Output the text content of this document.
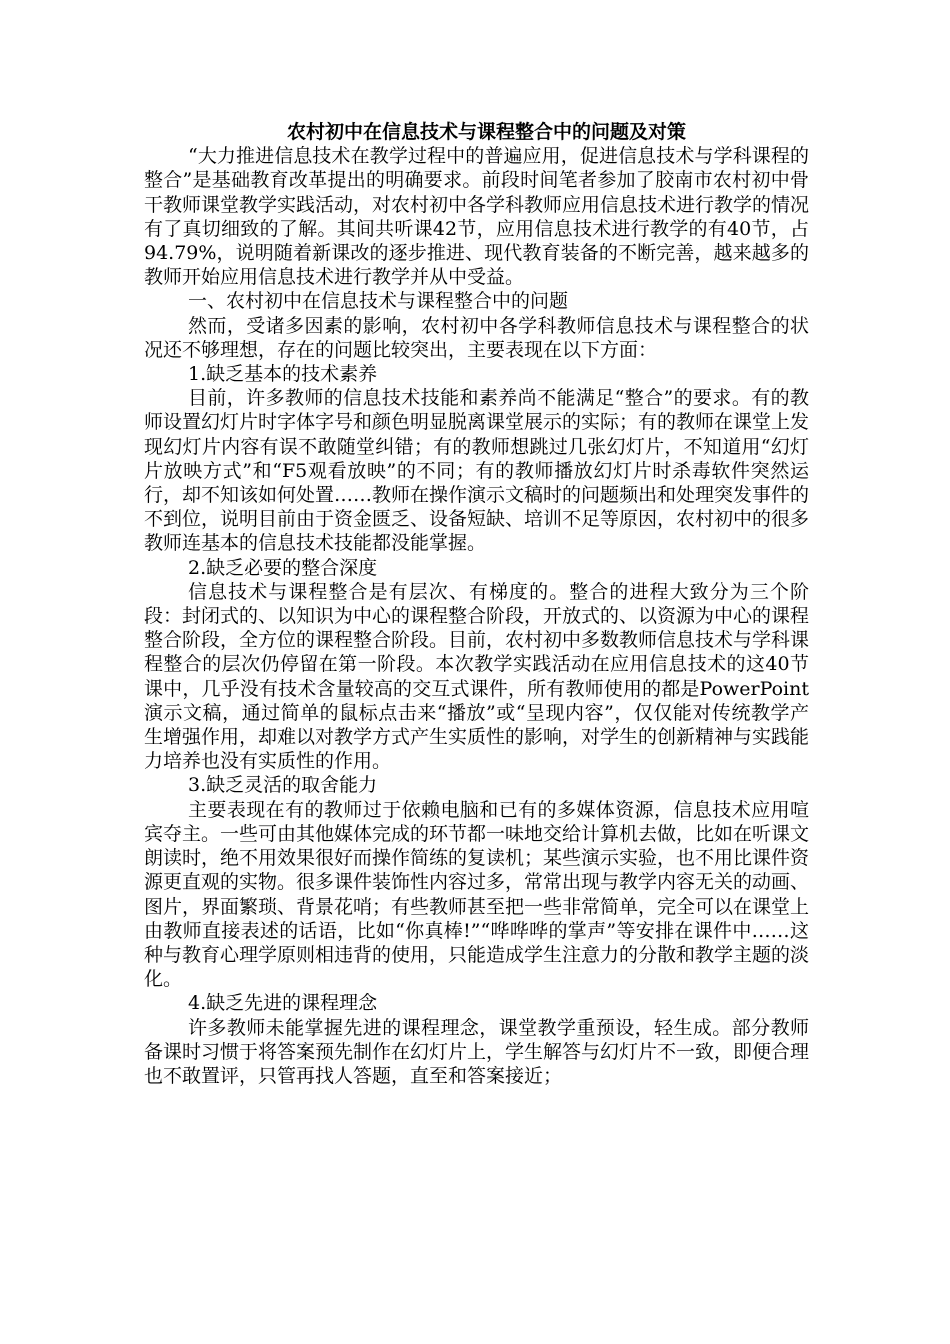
农村初中在信息技术与课程整合中的问题及对策

“大力推进信息技术在教学过程中的普遍应用，促进信息技术与学科课程的整合”是基础教育改革提出的明确要求。前段时间笔者参加了胶南市农村初中骨干教师课堂教学实践活动，对农村初中各学科教师应用信息技术进行教学的情况有了真切细致的了解。其间共听课42节，应用信息技术进行教学的有40节，占94.79%，说明随着新课改的逐步推进、现代教育装备的不断完善，越来越多的教师开始应用信息技术进行教学并从中受益。

一、农村初中在信息技术与课程整合中的问题

然而，受诸多因素的影响，农村初中各学科教师信息技术与课程整合的状况还不够理想，存在的问题比较突出，主要表现在以下方面：

1.缺乏基本的技术素养

目前，许多教师的信息技术技能和素养尚不能满足“整合”的要求。有的教师设置幻灯片时字体字号和颜色明显脱离课堂展示的实际；有的教师在课堂上发现幻灯片内容有误不敢随堂纠错；有的教师想跳过几张幻灯片，不知道用“幻灯片放映方式”和“F5观看放映”的不同；有的教师播放幻灯片时杀毒软件突然运行，却不知该如何处置……教师在操作演示文稿时的问题频出和处理突发事件的不到位，说明目前由于资金匮乏、设备短缺、培训不足等原因，农村初中的很多教师连基本的信息技术技能都没能掌握。

2.缺乏必要的整合深度

信息技术与课程整合是有层次、有梯度的。整合的进程大致分为三个阶段：封闭式的、以知识为中心的课程整合阶段，开放式的、以资源为中心的课程整合阶段，全方位的课程整合阶段。目前，农村初中多数教师信息技术与学科课程整合的层次仍停留在第一阶段。本次教学实践活动在应用信息技术的这40节课中，几乎没有技术含量较高的交互式课件，所有教师使用的都是PowerPoint演示文稿，通过简单的鼠标点击来“播放”或“呈现内容”，仅仅能对传统教学产生增强作用，却难以对教学方式产生实质性的影响，对学生的创新精神与实践能力培养也没有实质性的作用。

3.缺乏灵活的取舍能力

主要表现在有的教师过于依赖电脑和已有的多媒体资源，信息技术应用喧宾夺主。一些可由其他媒体完成的环节都一味地交给计算机去做，比如在听课文朗读时，绝不用效果很好而操作简练的复读机；某些演示实验，也不用比课件资源更直观的实物。很多课件装饰性内容过多，常常出现与教学内容无关的动画、图片，界面繁琐、背景花哨；有些教师甚至把一些非常简单，完全可以在课堂上由教师直接表述的话语，比如“你真棒!”“哗哗哗的掌声”等安排在课件中……这种与教育心理学原则相违背的使用，只能造成学生注意力的分散和教学主题的淡化。

4.缺乏先进的课程理念

许多教师未能掌握先进的课程理念，课堂教学重预设，轻生成。部分教师备课时习惯于将答案预先制作在幻灯片上，学生解答与幻灯片不一致，即便合理也不敢置评，只管再找人答题，直至和答案接近；
